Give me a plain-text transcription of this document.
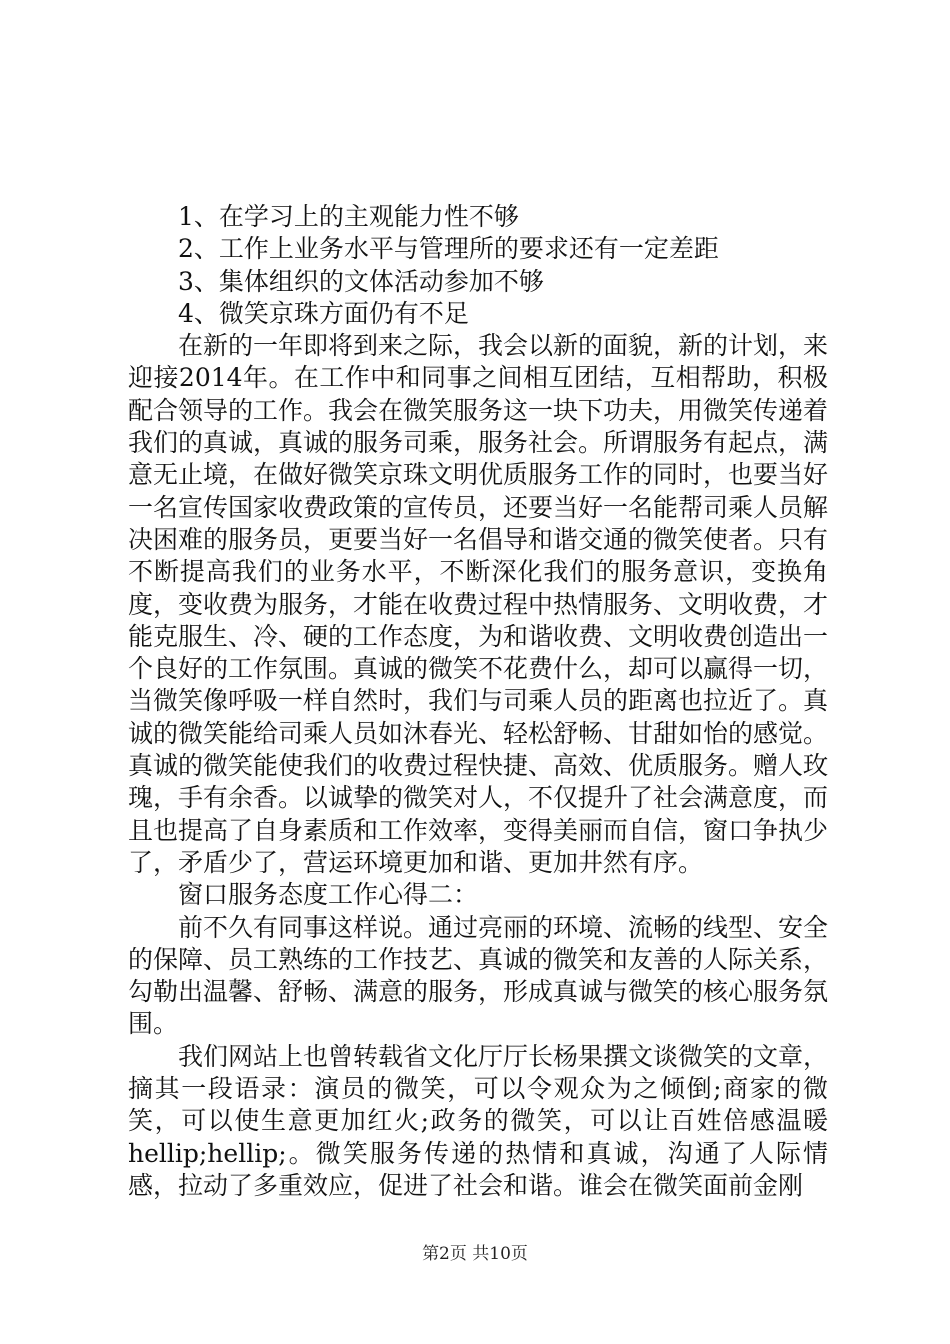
1、在学习上的主观能力性不够

2、工作上业务水平与管理所的要求还有一定差距

3、集体组织的文体活动参加不够

4、微笑京珠方面仍有不足

在新的一年即将到来之际，我会以新的面貌，新的计划，来迎接2014年。在工作中和同事之间相互团结，互相帮助，积极配合领导的工作。我会在微笑服务这一块下功夫，用微笑传递着我们的真诚，真诚的服务司乘，服务社会。所谓服务有起点，满意无止境，在做好微笑京珠文明优质服务工作的同时，也要当好一名宣传国家收费政策的宣传员，还要当好一名能帮司乘人员解决困难的服务员，更要当好一名倡导和谐交通的微笑使者。只有不断提高我们的业务水平，不断深化我们的服务意识，变换角度，变收费为服务，才能在收费过程中热情服务、文明收费，才能克服生、冷、硬的工作态度，为和谐收费、文明收费创造出一个良好的工作氛围。真诚的微笑不花费什么，却可以赢得一切，当微笑像呼吸一样自然时，我们与司乘人员的距离也拉近了。真诚的微笑能给司乘人员如沐春光、轻松舒畅、甘甜如怡的感觉。真诚的微笑能使我们的收费过程快捷、高效、优质服务。赠人玫瑰，手有余香。以诚挚的微笑对人，不仅提升了社会满意度，而且也提高了自身素质和工作效率，变得美丽而自信，窗口争执少了，矛盾少了，营运环境更加和谐、更加井然有序。

窗口服务态度工作心得二：

前不久有同事这样说。通过亮丽的环境、流畅的线型、安全的保障、员工熟练的工作技艺、真诚的微笑和友善的人际关系，勾勒出温馨、舒畅、满意的服务，形成真诚与微笑的核心服务氛围。

我们网站上也曾转载省文化厅厅长杨果撰文谈微笑的文章，摘其一段语录：演员的微笑，可以令观众为之倾倒;商家的微笑，可以使生意更加红火;政务的微笑，可以让百姓倍感温暖hellip;hellip;。微笑服务传递的热情和真诚，沟通了人际情感，拉动了多重效应，促进了社会和谐。谁会在微笑面前金刚

第2页 共10页
